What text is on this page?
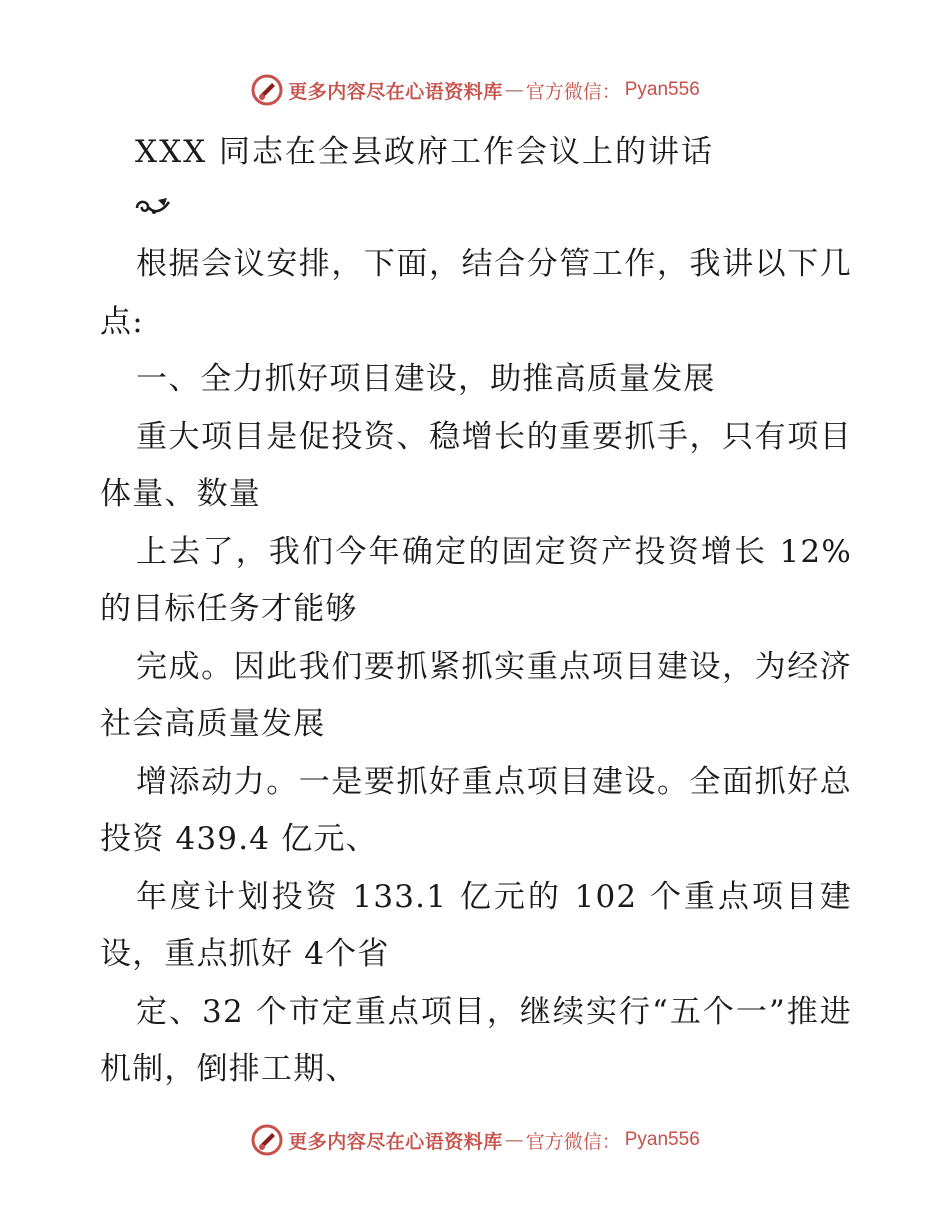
更多内容尽在心语资料库 — 官方微信： Pyan556
XXX 同志在全县政府工作会议上的讲话

根据会议安排，下面，结合分管工作，我讲以下几点:

一、全力抓好项目建设，助推高质量发展

重大项目是促投资、稳增长的重要抓手，只有项目体量、数量

上去了，我们今年确定的固定资产投资增长 12% 的目标任务才能够

完成。因此我们要抓紧抓实重点项目建设，为经济社会高质量发展

增添动力。一是要抓好重点项目建设。全面抓好总投资 439.4 亿元、

年度计划投资 133.1 亿元的 102 个重点项目建设，重点抓好 4个省

定、32 个市定重点项目，继续实行“五个一”推进机制，倒排工期、

更多内容尽在心语资料库 — 官方微信： Pyan556
